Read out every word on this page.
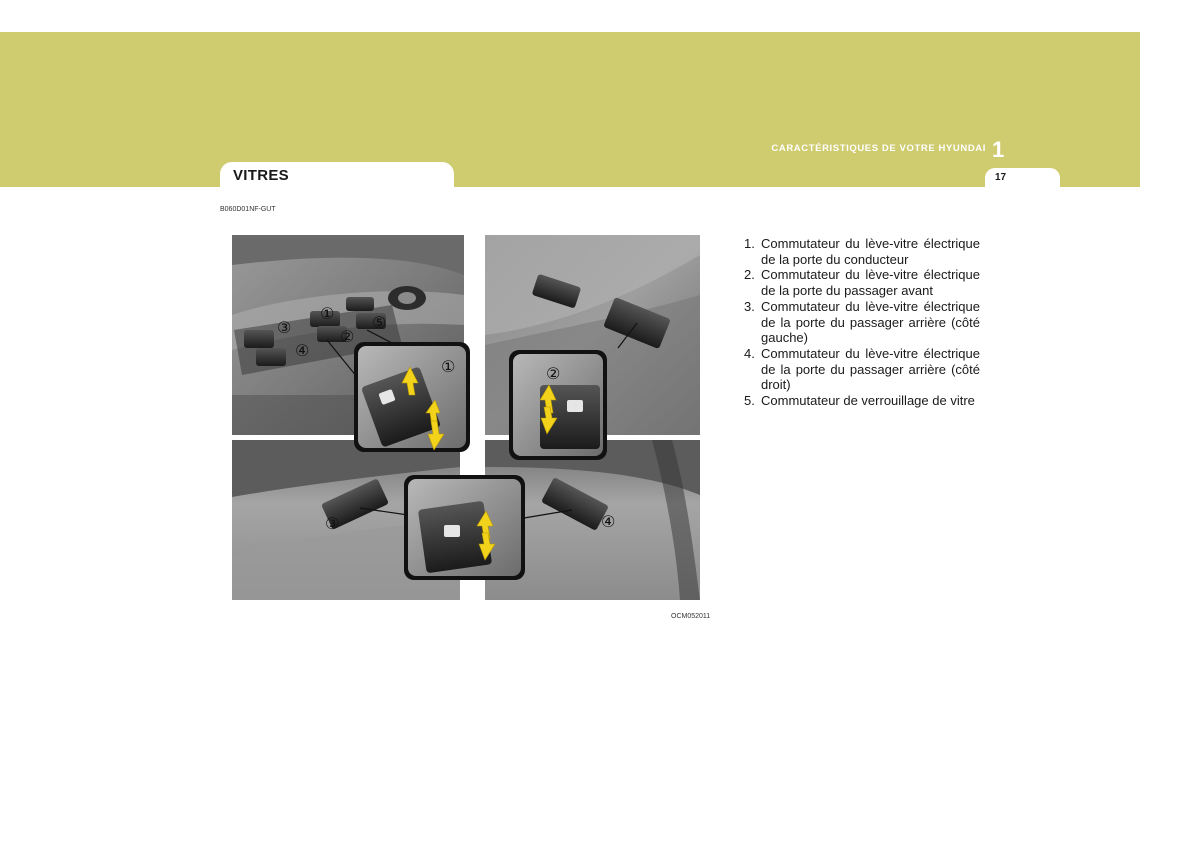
CARACTÉRISTIQUES DE VOTRE HYUNDAI 1
17
VITRES
B060D01NF-GUT
①
①
②
②
③
③
④
④
⑤
OCM052011
1. Commutateur du lève-vitre électrique de la porte du conducteur
2. Commutateur du lève-vitre électrique de la porte du passager avant
3. Commutateur du lève-vitre électrique de la porte du passager arrière (côté gauche)
4. Commutateur du lève-vitre électrique de la porte du passager arrière (côté droit)
5. Commutateur de verrouillage de vitre
